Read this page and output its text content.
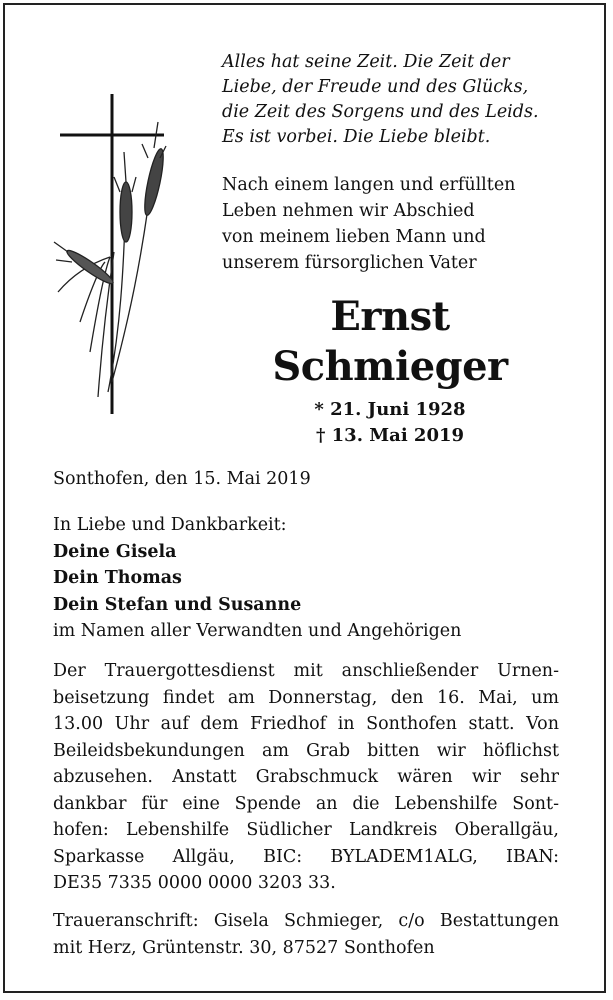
Alles hat seine Zeit. Die Zeit der
Liebe, der Freude und des Glücks,
die Zeit des Sorgens und des Leids.
Es ist vorbei. Die Liebe bleibt.
Nach einem langen und erfüllten
Leben nehmen wir Abschied
von meinem lieben Mann und
unserem fürsorglichen Vater
Ernst
Schmieger
* 21. Juni 1928
† 13. Mai 2019
Sonthofen, den 15. Mai 2019
In Liebe und Dankbarkeit:
Deine Gisela
Dein Thomas
Dein Stefan und Susanne
im Namen aller Verwandten und Angehörigen
Der Trauergottesdienst mit anschließender Urnen-
beisetzung findet am Donnerstag, den 16. Mai, um
13.00 Uhr auf dem Friedhof in Sonthofen statt. Von
Beileidsbekundungen am Grab bitten wir höflichst
abzusehen. Anstatt Grabschmuck wären wir sehr
dankbar für eine Spende an die Lebenshilfe Sont-
hofen: Lebenshilfe Südlicher Landkreis Oberallgäu,
Sparkasse Allgäu, BIC: BYLADEM1ALG, IBAN:
DE35 7335 0000 0000 3203 33.
Traueranschrift: Gisela Schmieger, c/o Bestattungen
mit Herz, Grüntenstr. 30, 87527 Sonthofen
